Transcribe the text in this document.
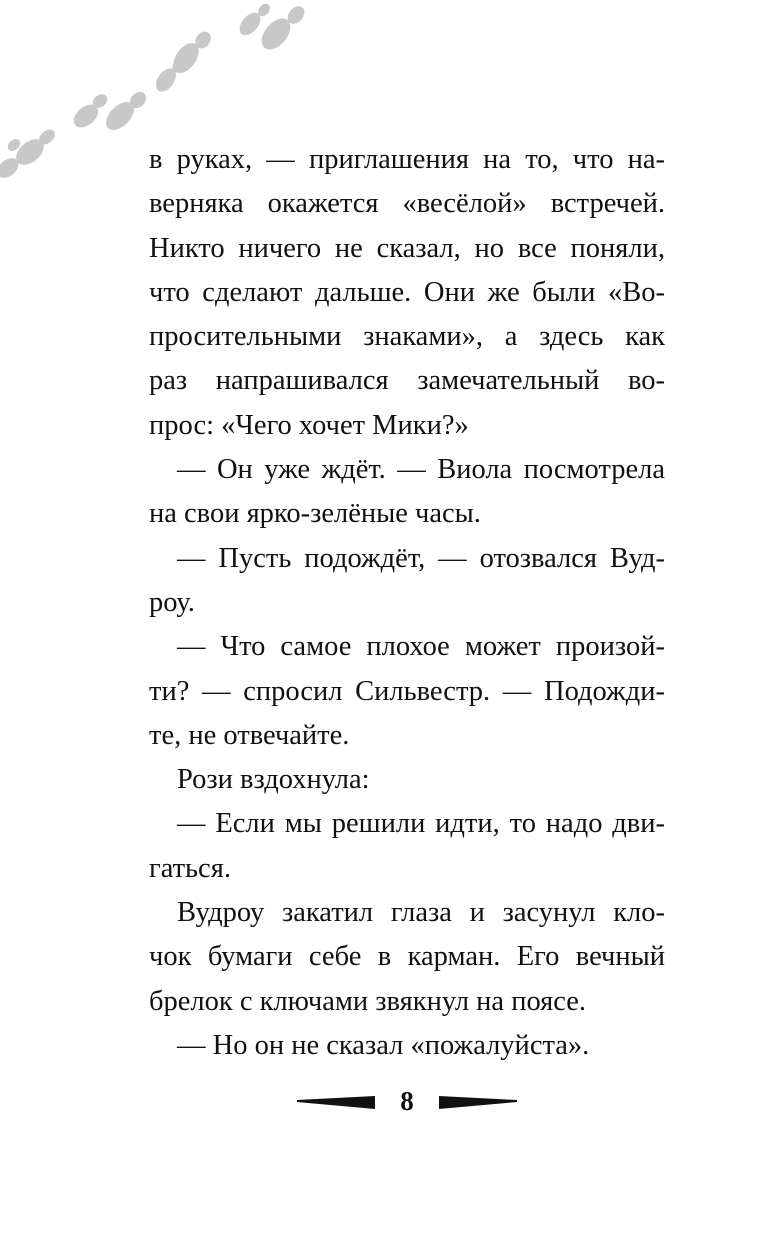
в руках, — приглашения на то, что на-
верняка окажется «весёлой» встречей.
Никто ничего не сказал, но все поняли,
что сделают дальше. Они же были «Во-
просительными знаками», а здесь как
раз напрашивался замечательный во-
прос: «Чего хочет Мики?»
— Он уже ждёт. — Виола посмотрела
на свои ярко-зелёные часы.
— Пусть подождёт, — отозвался Вуд-
роу.
— Что самое плохое может произой-
ти? — спросил Сильвестр. — Подожди-
те, не отвечайте.
Рози вздохнула:
— Если мы решили идти, то надо дви-
гаться.
Вудроу закатил глаза и засунул кло-
чок бумаги себе в карман. Его вечный
брелок с ключами звякнул на поясе.
— Но он не сказал «пожалуйста».
8
